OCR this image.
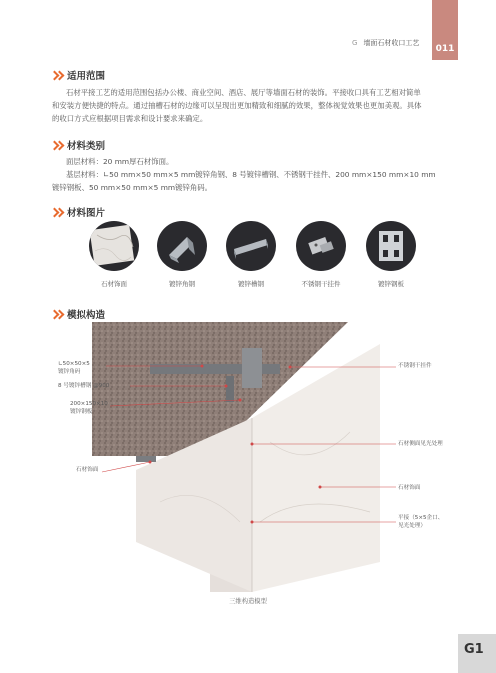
G 墙面石材收口工艺
011
适用范围
石材平接工艺的适用范围包括办公楼、商业空间、酒店、展厅等墙面石材的装饰。平接收口具有工艺相对简单
和安装方便快捷的特点。通过抽槽石材的边缘可以呈现出更加精致和细腻的效果，整体视觉效果也更加美观。具体
的收口方式应根据项目需求和设计要求来确定。
材料类别
面层材料：20 mm厚石材饰面。
基层材料：∟50 mm×50 mm×5 mm镀锌角钢、8 号镀锌槽钢、不锈钢干挂件、200 mm×150 mm×10 mm
镀锌钢板、50 mm×50 mm×5 mm镀锌角码。
材料图片
石材饰面	镀锌角钢	镀锌槽钢	不锈钢干挂件	镀锌钢板
模拟构造
∟50×50×5
镀锌角码
8 号镀锌槽钢 @900
200×150×10
镀锌钢板
石材饰面
不锈钢干挂件
石材侧面见光处理
石材饰面
平接（5×5企口、
见光处理）
三维构造模型
G1
